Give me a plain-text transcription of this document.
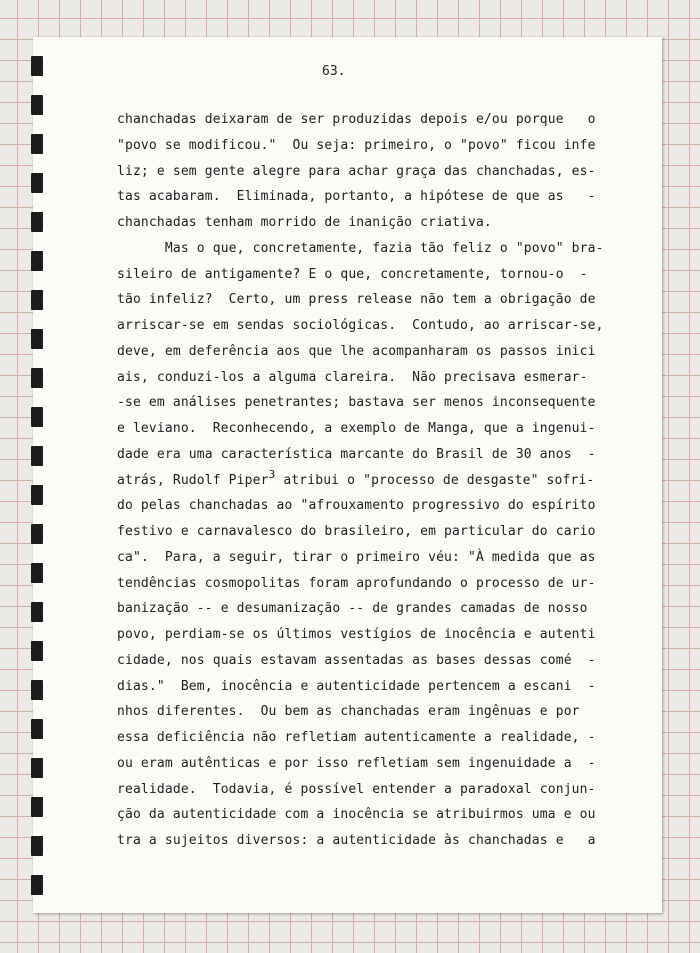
63.
chanchadas deixaram de ser produzidas depois e/ou porque   o
"povo se modificou."  Ou seja: primeiro, o "povo" ficou infe
liz; e sem gente alegre para achar graça das chanchadas, es-
tas acabaram.  Eliminada, portanto, a hipótese de que as   -
chanchadas tenham morrido de inanição criativa.
Mas o que, concretamente, fazia tão feliz o "povo" bra-
sileiro de antigamente? E o que, concretamente, tornou-o  -
tão infeliz?  Certo, um press release não tem a obrigação de
arriscar-se em sendas sociológicas.  Contudo, ao arriscar-se,
deve, em deferência aos que lhe acompanharam os passos inici
ais, conduzi-los a alguma clareira.  Não precisava esmerar-
-se em análises penetrantes; bastava ser menos inconsequente
e leviano.  Reconhecendo, a exemplo de Manga, que a ingenui-
dade era uma característica marcante do Brasil de 30 anos  -
atrás, Rudolf Piper$^3$ atribui o "processo de desgaste" sofri-
do pelas chanchadas ao "afrouxamento progressivo do espírito
festivo e carnavalesco do brasileiro, em particular do cario
ca".  Para, a seguir, tirar o primeiro véu: "À medida que as
tendências cosmopolitas foram aprofundando o processo de ur-
banização -- e desumanização -- de grandes camadas de nosso
povo, perdiam-se os últimos vestígios de inocência e autenti
cidade, nos quais estavam assentadas as bases dessas comé  -
dias."  Bem, inocência e autenticidade pertencem a escani  -
nhos diferentes.  Ou bem as chanchadas eram ingênuas e por
essa deficiência não refletiam autenticamente a realidade, -
ou eram autênticas e por isso refletiam sem ingenuidade a  -
realidade.  Todavia, é possível entender a paradoxal conjun-
ção da autenticidade com a inocência se atribuirmos uma e ou
tra a sujeitos diversos: a autenticidade às chanchadas e   a
